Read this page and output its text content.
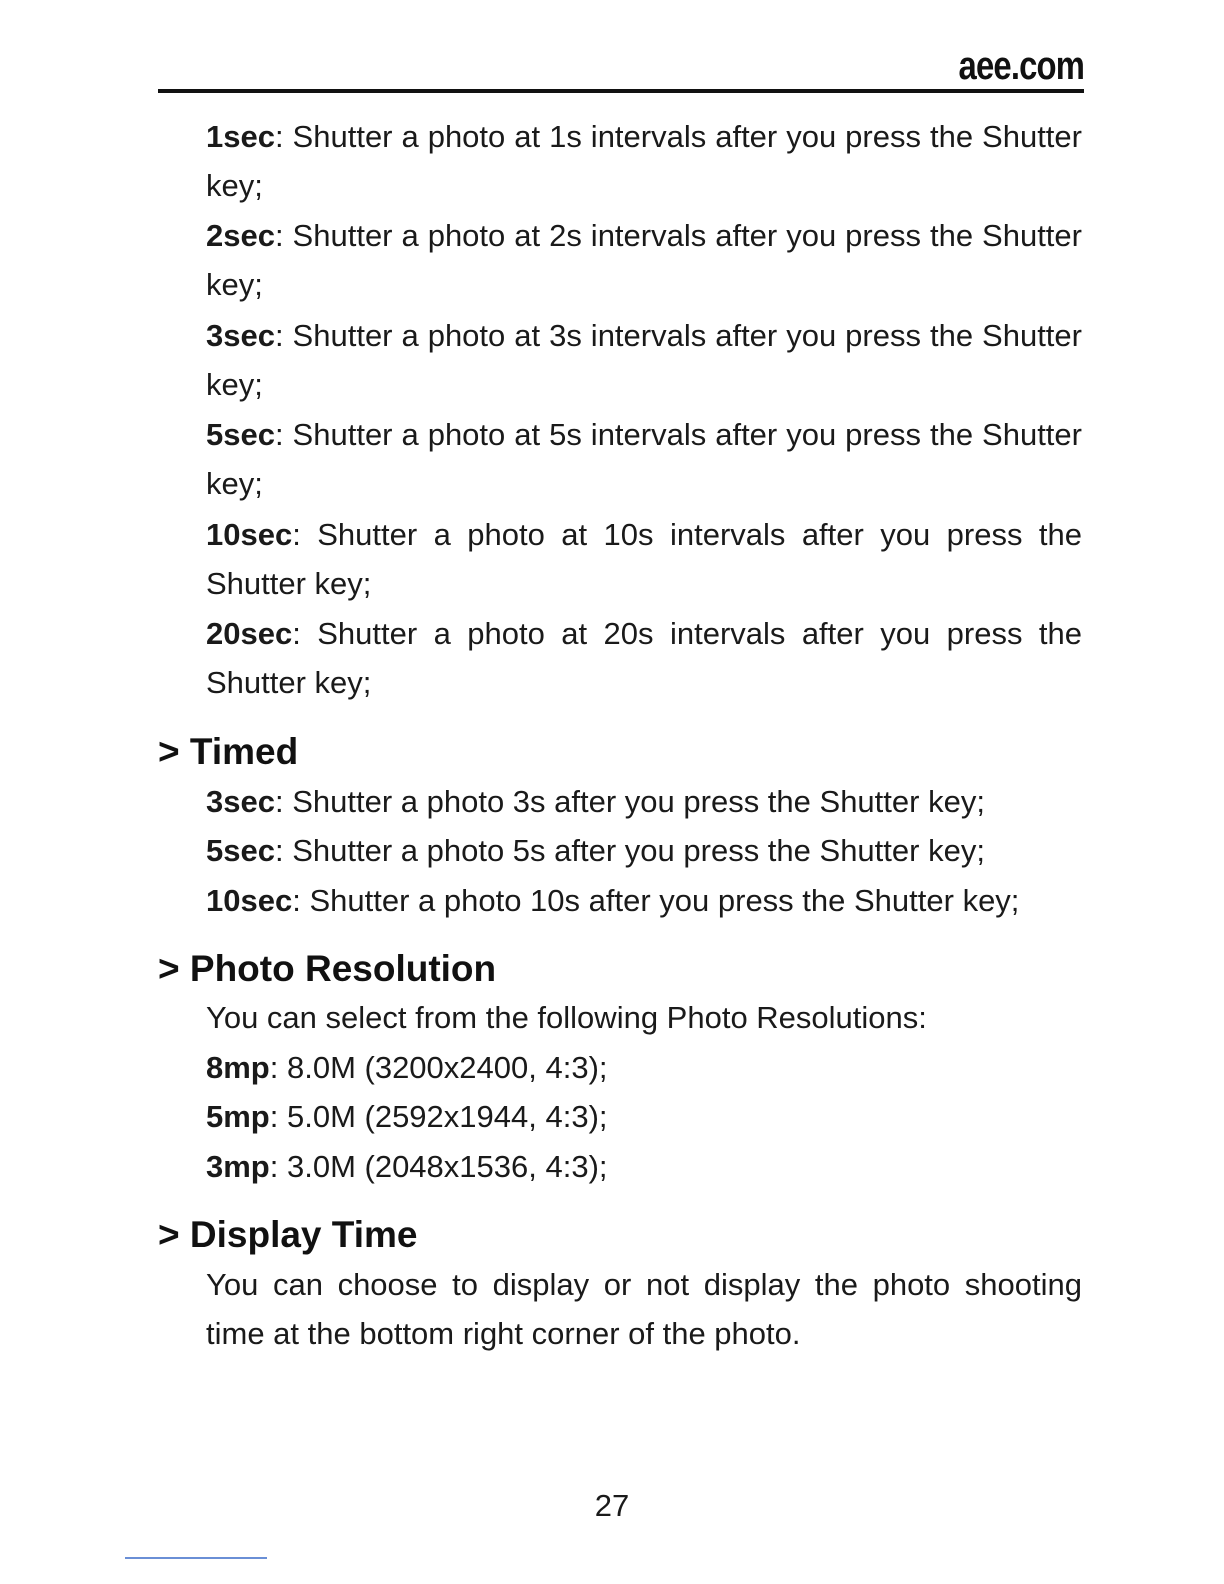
aee.com
1sec: Shutter a photo at 1s intervals after you press the Shutter key;
2sec: Shutter a photo at 2s intervals after you press the Shutter key;
3sec: Shutter a photo at 3s intervals after you press the Shutter key;
5sec: Shutter a photo at 5s intervals after you press the Shutter key;
10sec: Shutter a photo at 10s intervals after you press the Shutter key;
20sec: Shutter a photo at 20s intervals after you press the Shutter key;
> Timed
3sec: Shutter a photo 3s after you press the Shutter key;
5sec: Shutter a photo 5s after you press the Shutter key;
10sec: Shutter a photo 10s after you press the Shutter key;
> Photo Resolution
You can select from the following Photo Resolutions:
8mp: 8.0M (3200x2400, 4:3);
5mp: 5.0M (2592x1944, 4:3);
3mp: 3.0M (2048x1536, 4:3);
> Display Time
You can choose to display or not display the photo shooting time at the bottom right corner of the photo.
27
